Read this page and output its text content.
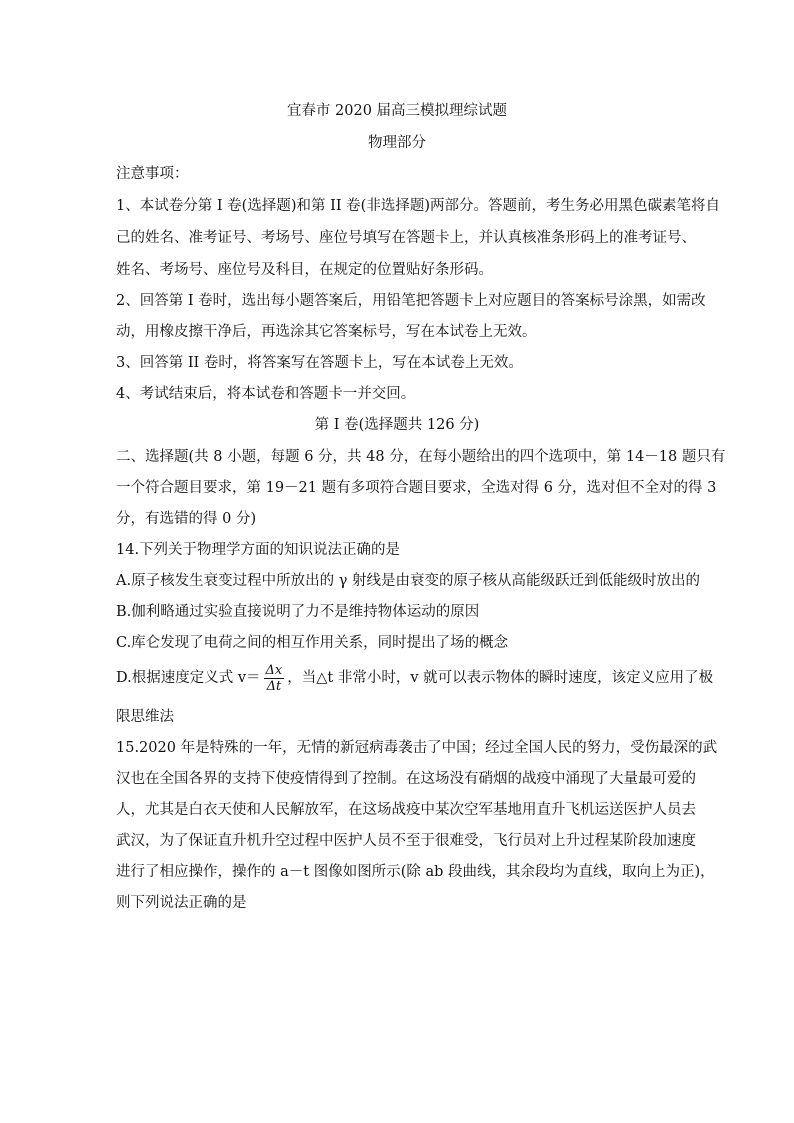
宜春市 2020 届高三模拟理综试题
物理部分
注意事项：
1、本试卷分第 I 卷(选择题)和第 II 卷(非选择题)两部分。答题前，考生务必用黑色碳素笔将自
己的姓名、准考证号、考场号、座位号填写在答题卡上，并认真核准条形码上的准考证号、
姓名、考场号、座位号及科目，在规定的位置贴好条形码。
2、回答第 I 卷时，选出每小题答案后，用铅笔把答题卡上对应题目的答案标号涂黑，如需改
动，用橡皮擦干净后，再选涂其它答案标号，写在本试卷上无效。
3、回答第 II 卷时，将答案写在答题卡上，写在本试卷上无效。
4、考试结束后，将本试卷和答题卡一并交回。
第 I 卷(选择题共 126 分)
二、选择题(共 8 小题，每题 6 分，共 48 分，在每小题给出的四个选项中，第 14－18 题只有
一个符合题目要求，第 19－21 题有多项符合题目要求，全选对得 6 分，选对但不全对的得 3
分，有选错的得 0 分)
14.下列关于物理学方面的知识说法正确的是
A.原子核发生衰变过程中所放出的 γ 射线是由衰变的原子核从高能级跃迁到低能级时放出的
B.伽利略通过实验直接说明了力不是维持物体运动的原因
C.库仑发现了电荷之间的相互作用关系，同时提出了场的概念
D.根据速度定义式 $v= \frac{\Delta x}{\Delta t}$ ，当△t 非常小时，v 就可以表示物体的瞬时速度，该定义应用了极
限思维法
15.2020 年是特殊的一年，无情的新冠病毒袭击了中国；经过全国人民的努力，受伤最深的武
汉也在全国各界的支持下使疫情得到了控制。在这场没有硝烟的战疫中涌现了大量最可爱的
人，尤其是白衣天使和人民解放军，在这场战疫中某次空军基地用直升飞机运送医护人员去
武汉，为了保证直升机升空过程中医护人员不至于很难受，飞行员对上升过程某阶段加速度
进行了相应操作，操作的 a－t 图像如图所示(除 ab 段曲线，其余段均为直线，取向上为正)，
则下列说法正确的是
